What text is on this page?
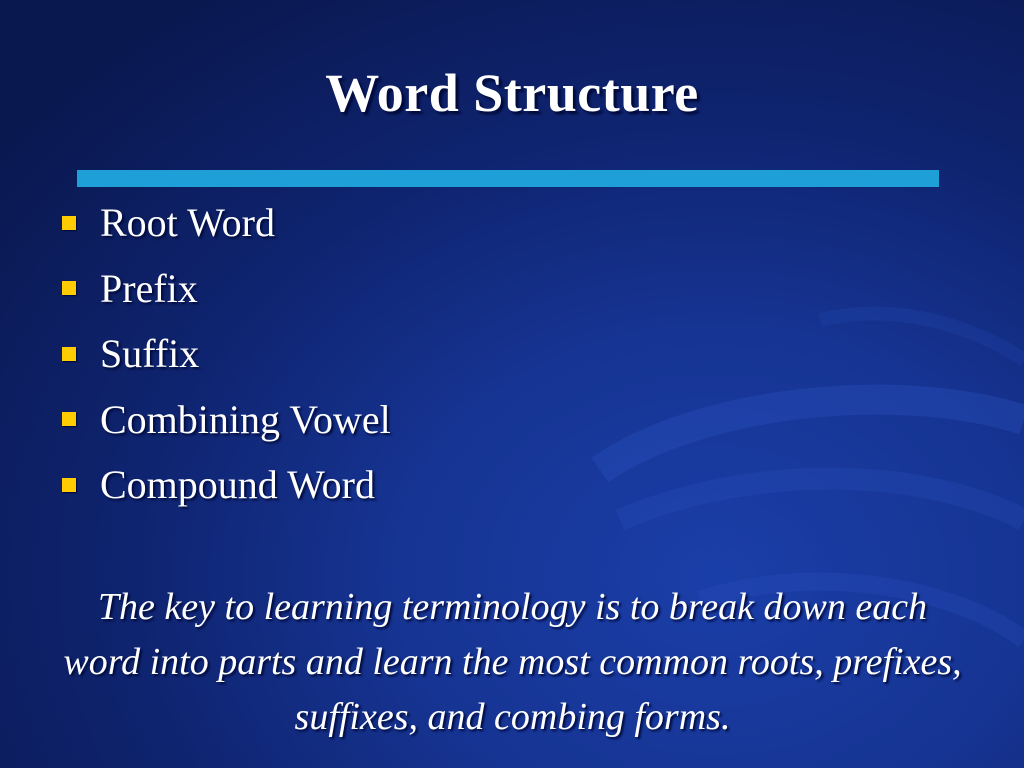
Word Structure
Root Word
Prefix
Suffix
Combining Vowel
Compound Word
The key to learning terminology is to break down each word into parts and learn the most common roots, prefixes, suffixes, and combing forms.
